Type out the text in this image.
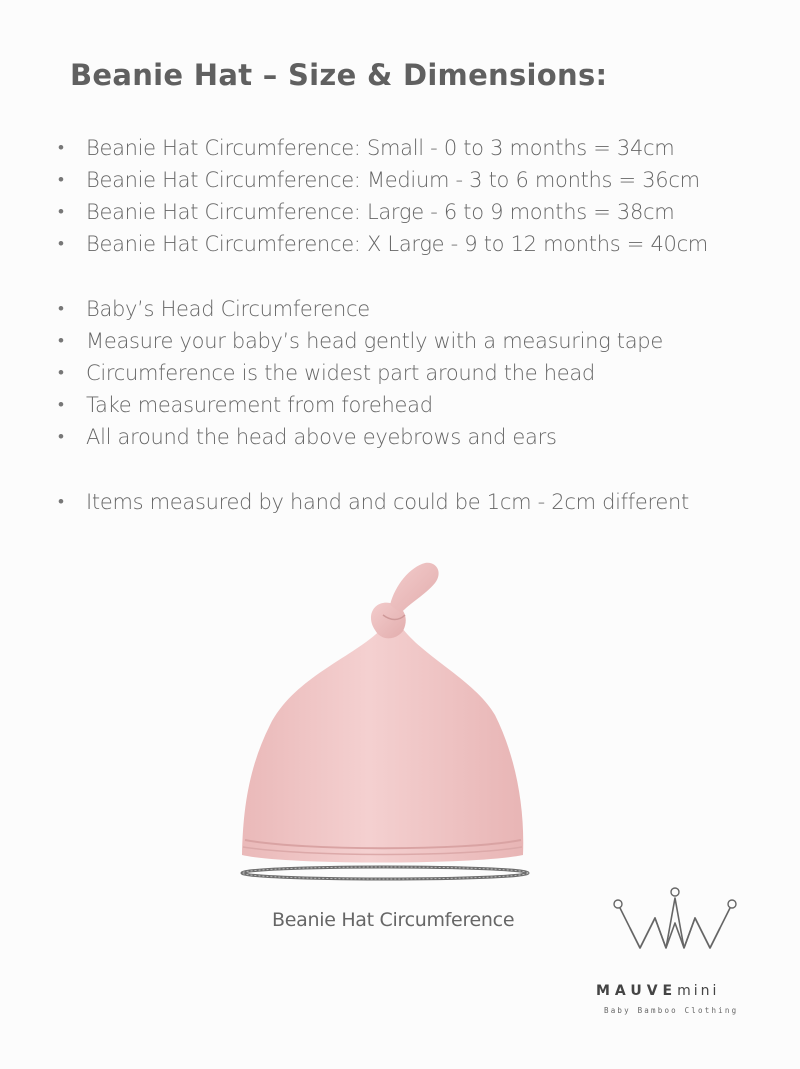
Beanie Hat – Size & Dimensions:
• Beanie Hat Circumference: Small - 0 to 3 months = 34cm
• Beanie Hat Circumference: Medium - 3 to 6 months = 36cm
• Beanie Hat Circumference: Large - 6 to 9 months = 38cm
• Beanie Hat Circumference: X Large - 9 to 12 months = 40cm
• Baby’s Head Circumference
• Measure your baby’s head gently with a measuring tape
• Circumference is the widest part around the head
• Take measurement from forehead
• All around the head above eyebrows and ears
• Items measured by hand and could be 1cm - 2cm different
Beanie Hat Circumference
MAUVEmini
Baby Bamboo Clothing
